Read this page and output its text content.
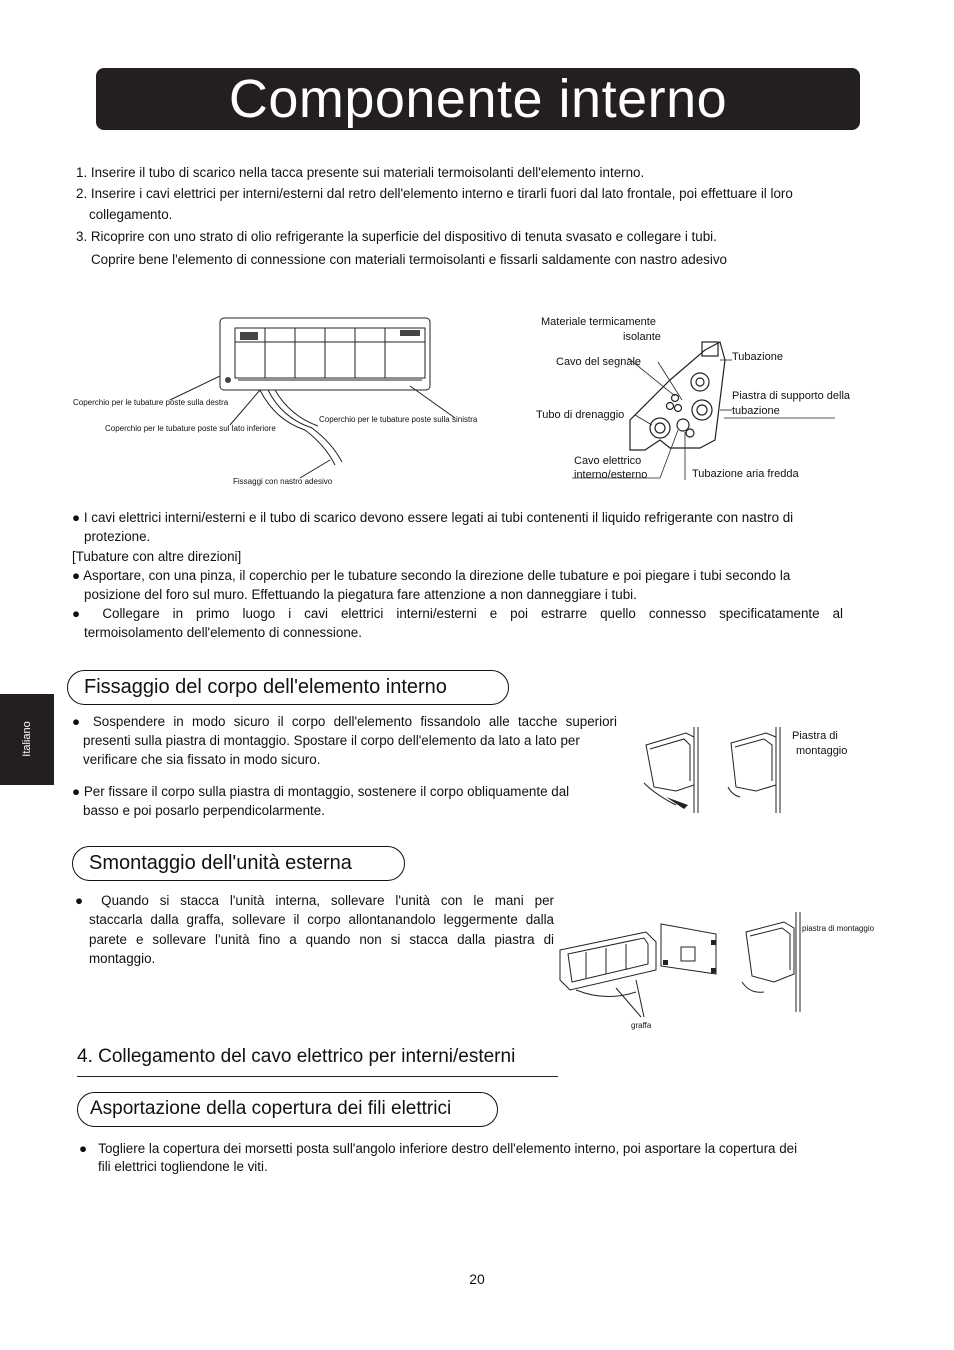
Componente interno
1. Inserire il tubo di scarico nella tacca presente sui materiali termoisolanti dell'elemento interno.
2. Inserire i cavi elettrici per interni/esterni dal retro dell'elemento interno e tirarli fuori dal lato frontale, poi effettuare il loro
collegamento.
3. Ricoprire con uno strato di olio refrigerante la superficie del dispositivo di tenuta svasato e collegare i tubi.
Coprire bene l'elemento di connessione con materiali termoisolanti e fissarli saldamente con nastro adesivo
Coperchio per le tubature poste sulla destra
Coperchio per le tubature poste sul lato inferiore
Coperchio per le tubature poste sulla sinistra
Fissaggi con nastro adesivo
Materiale termicamente
isolante
Cavo del segnale	Tubazione
Piastra di supporto della
tubazione
Tubo di drenaggio
Cavo elettrico
interno/esterno	Tubazione aria fredda
● I cavi elettrici interni/esterni e il tubo di scarico devono essere legati ai tubi contenenti il liquido refrigerante con nastro di
protezione.
[Tubature con altre direzioni]
● Asportare, con una pinza, il coperchio per le tubature secondo la direzione delle tubature e poi piegare i tubi secondo la
posizione del foro sul muro. Effettuando la piegatura fare attenzione a non danneggiare i tubi.
● Collegare in primo luogo i cavi elettrici interni/esterni e poi estrarre quello connesso specificatamente al
termoisolamento dell'elemento di connessione.
Italiano
Fissaggio del corpo dell'elemento interno
● Sospendere in modo sicuro il corpo dell'elemento fissandolo alle tacche superiori
presenti sulla piastra di montaggio. Spostare il corpo dell'elemento da lato a lato per
verificare che sia fissato in modo sicuro.
● Per fissare il corpo sulla piastra di montaggio, sostenere il corpo obliquamente dal
basso e poi posarlo perpendicolarmente.
Piastra di
montaggio
Smontaggio dell'unità esterna
● Quando si stacca l'unità interna, sollevare l'unità con le mani per
staccarla dalla graffa, sollevare il corpo allontanandolo leggermente dalla
parete e sollevare l'unità fino a quando non si stacca dalla piastra di
montaggio.
piastra di montaggio
graffa
4. Collegamento del cavo elettrico per interni/esterni
Asportazione della copertura dei fili elettrici
●   Togliere la copertura dei morsetti posta sull'angolo inferiore destro dell'elemento interno, poi asportare la copertura dei
fili elettrici togliendone le viti.
20
